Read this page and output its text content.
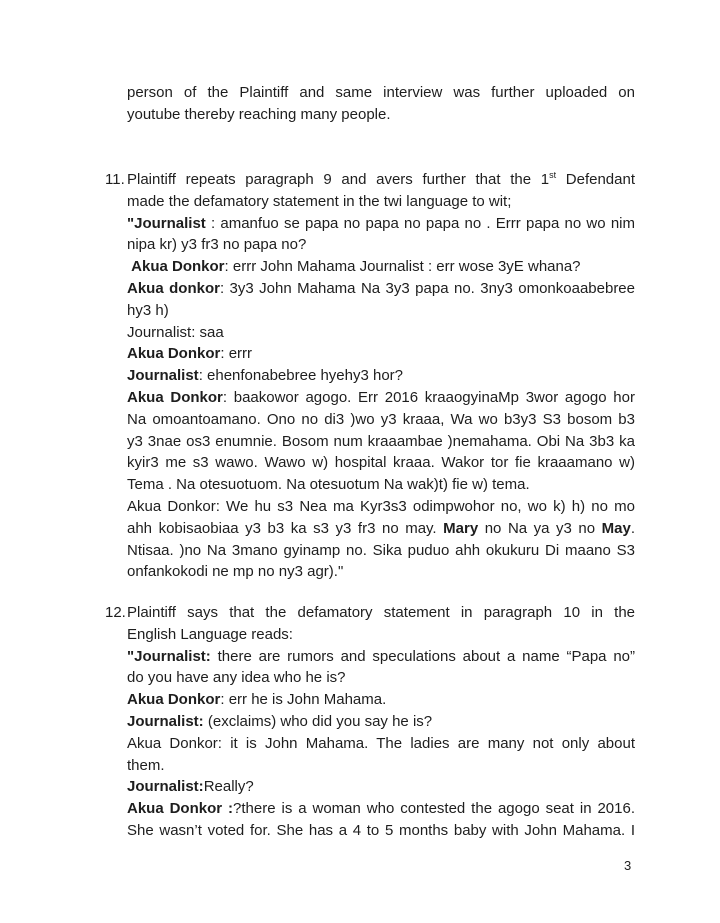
person of the Plaintiff and same interview was further uploaded on
youtube thereby reaching many people.
11. Plaintiff repeats paragraph 9 and avers further that the 1st Defendant
made the defamatory statement in the twi language to wit;
"Journalist : amanfuo se papa no papa no papa no . Errr papa no wo nim
nipa kr) y3 fr3 no papa no?
Akua Donkor: errr John Mahama Journalist : err wose 3yE whana?
Akua donkor: 3y3 John Mahama Na 3y3 papa no. 3ny3 omonkoaabebree
hy3 h)
Journalist: saa
Akua Donkor: errr
Journalist: ehenfonabebree hyehy3 hor?
Akua Donkor: baakowor agogo. Err 2016 kraaogyinaMp 3wor agogo hor
Na omoantoamano. Ono no di3 )wo y3 kraaa, Wa wo b3y3 S3 bosom b3
y3 3nae os3 enumnie. Bosom num kraaambae )nemahama. Obi Na 3b3 ka
kyir3 me s3 wawo. Wawo w) hospital kraaa. Wakor tor fie kraaamano w)
Tema . Na otesuotuom. Na otesuotum Na wak)t) fie w) tema.
Akua Donkor: We hu s3 Nea ma Kyr3s3 odimpwohor no, wo k) h) no mo
ahh kobisaobiaa y3 b3 ka s3 y3 fr3 no may. Mary no Na ya y3 no May.
Ntisaa. )no Na 3mano gyinamp no. Sika puduo ahh okukuru Di maano S3
onfankokodi ne mp no ny3 agr)."
12. Plaintiff says that the defamatory statement in paragraph 10 in the
English Language reads:
"Journalist: there are rumors and speculations about a name “Papa no”
do you have any idea who he is?
Akua Donkor: err he is John Mahama.
Journalist: (exclaims) who did you say he is?
Akua Donkor: it is John Mahama. The ladies are many not only about
them.
Journalist:Really?
Akua Donkor :?there is a woman who contested the agogo seat in 2016.
She wasn’t voted for. She has a 4 to 5 months baby with John Mahama. I
3
